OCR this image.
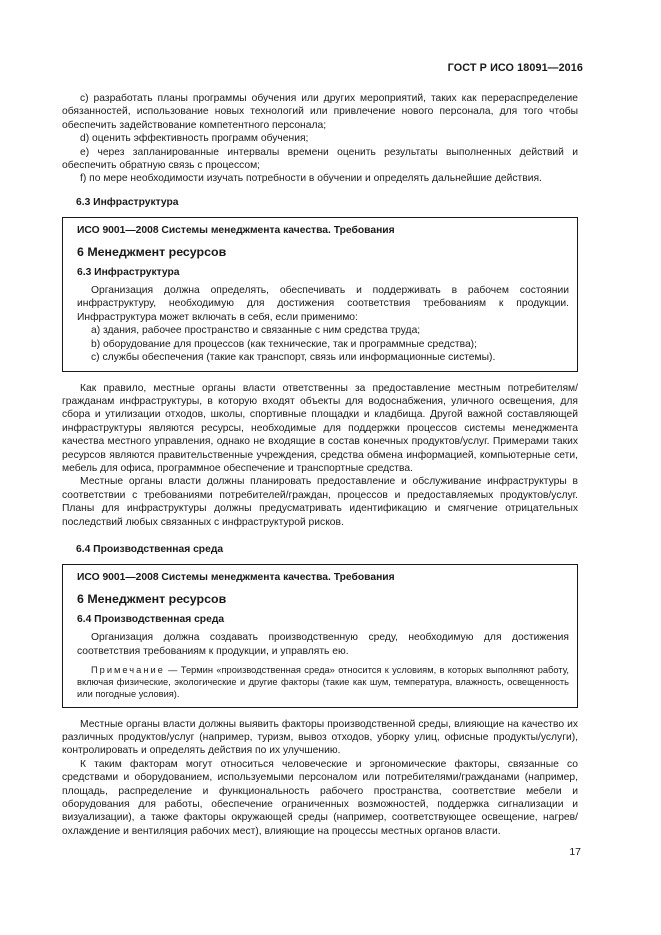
ГОСТ Р ИСО 18091—2016

c) разработать планы программы обучения или других мероприятий, таких как перераспределение обязанностей, использование новых технологий или привлечение нового персонала, для того чтобы обеспечить задействование компетентного персонала;

d) оценить эффективность программ обучения;

e) через запланированные интервалы времени оценить результаты выполненных действий и обеспечить обратную связь с процессом;

f) по мере необходимости изучать потребности в обучении и определять дальнейшие действия.

6.3 Инфраструктура
ИСО 9001—2008 Системы менеджмента качества. Требования
6 Менеджмент ресурсов
6.3 Инфраструктура

Организация должна определять, обеспечивать и поддерживать в рабочем состоянии инфраструктуру, необходимую для достижения соответствия требованиям к продукции. Инфраструктура может включать в себя, если применимо:

a) здания, рабочее пространство и связанные с ним средства труда;

b) оборудование для процессов (как технические, так и программные средства);

c) службы обеспечения (такие как транспорт, связь или информационные системы).

Как правило, местные органы власти ответственны за предоставление местным потребителям/гражданам инфраструктуры, в которую входят объекты для водоснабжения, уличного освещения, для сбора и утилизации отходов, школы, спортивные площадки и кладбища. Другой важной составляющей инфраструктуры являются ресурсы, необходимые для поддержки процессов системы менеджмента качества местного управления, однако не входящие в состав конечных продуктов/услуг. Примерами таких ресурсов являются правительственные учреждения, средства обмена информацией, компьютерные сети, мебель для офиса, программное обеспечение и транспортные средства.

Местные органы власти должны планировать предоставление и обслуживание инфраструктуры в соответствии с требованиями потребителей/граждан, процессов и предоставляемых продуктов/услуг. Планы для инфраструктуры должны предусматривать идентификацию и смягчение отрицательных последствий любых связанных с инфраструктурой рисков.

6.4 Производственная среда
ИСО 9001—2008 Системы менеджмента качества. Требования
6 Менеджмент ресурсов
6.4 Производственная среда

Организация должна создавать производственную среду, необходимую для достижения соответствия требованиям к продукции, и управлять ею.

Примечание — Термин «производственная среда» относится к условиям, в которых выполняют работу, включая физические, экологические и другие факторы (такие как шум, температура, влажность, освещенность или погодные условия).

Местные органы власти должны выявить факторы производственной среды, влияющие на качество их различных продуктов/услуг (например, туризм, вывоз отходов, уборку улиц, офисные продукты/услуги), контролировать и определять действия по их улучшению.

К таким факторам могут относиться человеческие и эргономические факторы, связанные со средствами и оборудованием, используемыми персоналом или потребителями/гражданами (например, площадь, распределение и функциональность рабочего пространства, соответствие мебели и оборудования для работы, обеспечение ограниченных возможностей, поддержка сигнализации и визуализации), а также факторы окружающей среды (например, соответствующее освещение, нагрев/охлаждение и вентиляция рабочих мест), влияющие на процессы местных органов власти.

17
